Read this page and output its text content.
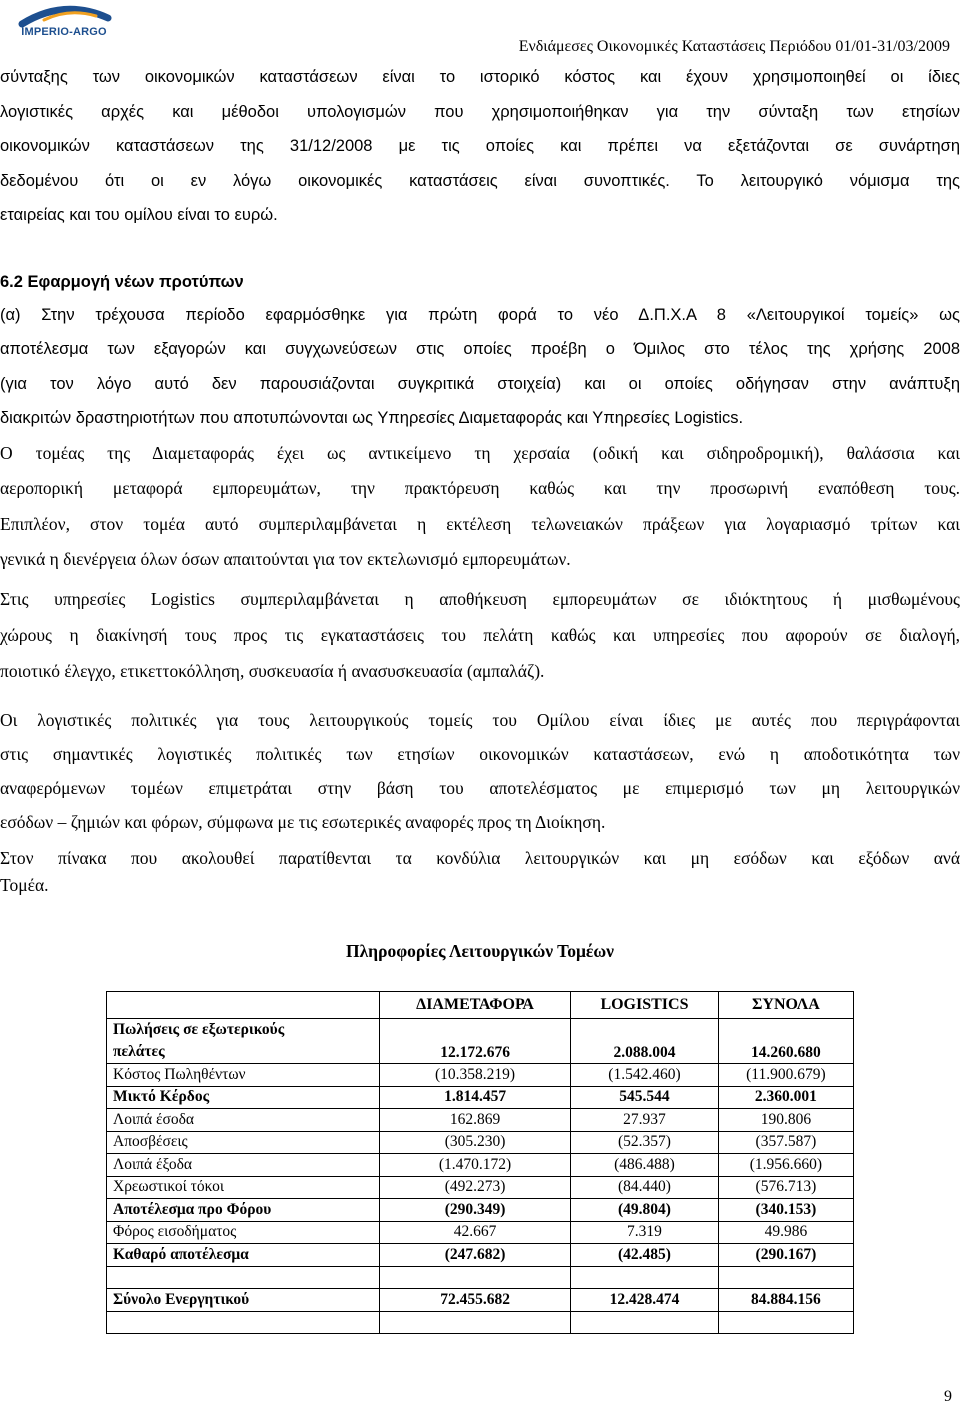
IMPERIO-ARGO
Ενδιάμεσες Οικονομικές Καταστάσεις Περιόδου 01/01-31/03/2009
σύνταξης των οικονομικών καταστάσεων είναι το ιστορικό κόστος και έχουν χρησιμοποιηθεί οι ίδιες
λογιστικές αρχές και μέθοδοι υπολογισμών που χρησιμοποιήθηκαν για την σύνταξη των ετησίων
οικονομικών καταστάσεων της 31/12/2008 με τις οποίες και πρέπει να εξετάζονται σε συνάρτηση
δεδομένου ότι οι εν λόγω οικονομικές καταστάσεις είναι συνοπτικές. Το λειτουργικό νόμισμα της
εταιρείας και του ομίλου είναι το ευρώ.
6.2 Εφαρμογή νέων προτύπων
(α) Στην τρέχουσα περίοδο εφαρμόσθηκε για πρώτη φορά το νέο Δ.Π.Χ.Α 8 «Λειτουργικοί τομείς» ως
αποτέλεσμα των εξαγορών και συγχωνεύσεων στις οποίες προέβη ο Όμιλος στο τέλος της χρήσης 2008
(για τον λόγο αυτό δεν παρουσιάζονται συγκριτικά στοιχεία) και οι οποίες οδήγησαν στην ανάπτυξη
διακριτών δραστηριοτήτων που αποτυπώνονται ως Υπηρεσίες Διαμεταφοράς και Υπηρεσίες Logistics.
Ο τομέας της Διαμεταφοράς έχει ως αντικείμενο τη χερσαία (οδική και σιδηροδρομική), θαλάσσια και
αεροπορική μεταφορά εμπορευμάτων, την πρακτόρευση καθώς και την προσωρινή εναπόθεση τους.
Επιπλέον, στον τομέα αυτό συμπεριλαμβάνεται η εκτέλεση τελωνειακών πράξεων για λογαριασμό τρίτων και
γενικά η διενέργεια όλων όσων απαιτούνται για τον εκτελωνισμό εμπορευμάτων.
Στις υπηρεσίες Logistics συμπεριλαμβάνεται η αποθήκευση εμπορευμάτων σε ιδιόκτητους ή μισθωμένους
χώρους η διακίνησή τους προς τις εγκαταστάσεις του πελάτη καθώς και υπηρεσίες που αφορούν σε διαλογή,
ποιοτικό έλεγχο, ετικεττοκόλληση, συσκευασία ή ανασυσκευασία (αμπαλάζ).
Οι λογιστικές πολιτικές για τους λειτουργικούς τομείς του Ομίλου είναι ίδιες με αυτές που περιγράφονται
στις σημαντικές λογιστικές πολιτικές των ετησίων οικονομικών καταστάσεων, ενώ η αποδοτικότητα των
αναφερόμενων τομέων επιμετράται στην βάση του αποτελέσματος με επιμερισμό των μη λειτουργικών
εσόδων – ζημιών και φόρων, σύμφωνα με τις εσωτερικές αναφορές προς τη Διοίκηση.
Στον πίνακα που ακολουθεί παρατίθενται τα κονδύλια λειτουργικών και μη εσόδων και εξόδων ανά
Τομέα.
Πληροφορίες Λειτουργικών Τομέων
	ΔΙΑΜΕΤΑΦΟΡΑ	LOGISTICS	ΣΥΝΟΛΑ

Πωλήσεις σε εξωτερικούς
πελάτες	12.172.676	2.088.004	14.260.680
Κόστος Πωληθέντων	(10.358.219)	(1.542.460)	(11.900.679)
Μικτό Κέρδος	1.814.457	545.544	2.360.001
Λοιπά έσοδα	162.869	27.937	190.806
Αποσβέσεις	(305.230)	(52.357)	(357.587)
Λοιπά έξοδα	(1.470.172)	(486.488)	(1.956.660)
Χρεωστικοί τόκοι	(492.273)	(84.440)	(576.713)
Αποτέλεσμα προ Φόρου	(290.349)	(49.804)	(340.153)
Φόρος εισοδήματος	42.667	7.319	49.986
Καθαρό αποτέλεσμα	(247.682)	(42.485)	(290.167)

Σύνολο Ενεργητικού	72.455.682	12.428.474	84.884.156

9
